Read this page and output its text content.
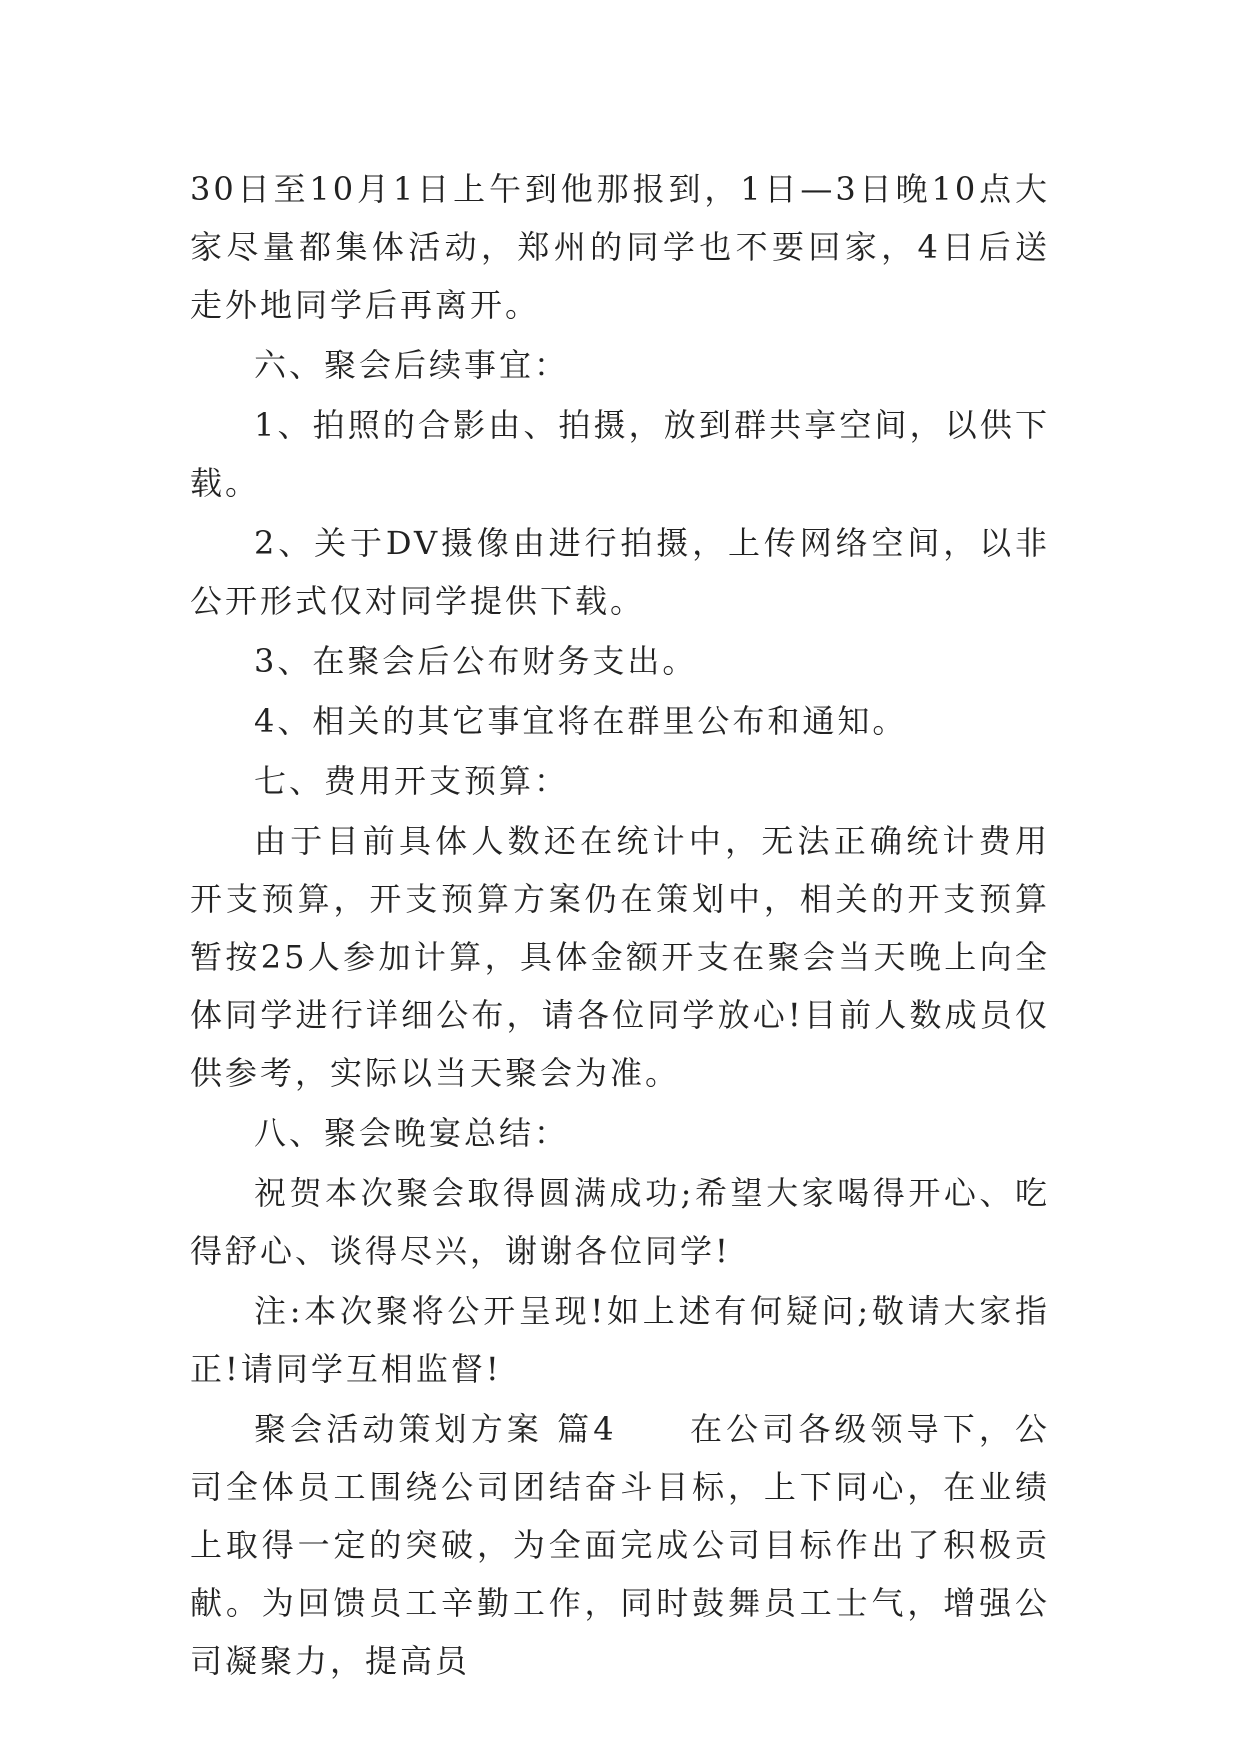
30日至10月1日上午到他那报到，1日—3日晚10点大家尽量都集体活动，郑州的同学也不要回家，4日后送走外地同学后再离开。

六、聚会后续事宜：

1、拍照的合影由、拍摄，放到群共享空间，以供下载。

2、关于DV摄像由进行拍摄，上传网络空间，以非公开形式仅对同学提供下载。

3、在聚会后公布财务支出。

4、相关的其它事宜将在群里公布和通知。

七、费用开支预算：

由于目前具体人数还在统计中，无法正确统计费用开支预算，开支预算方案仍在策划中，相关的开支预算暂按25人参加计算，具体金额开支在聚会当天晚上向全体同学进行详细公布，请各位同学放心!目前人数成员仅供参考，实际以当天聚会为准。

八、聚会晚宴总结：

祝贺本次聚会取得圆满成功;希望大家喝得开心、吃得舒心、谈得尽兴，谢谢各位同学!

注:本次聚将公开呈现!如上述有何疑问;敬请大家指正!请同学互相监督!

聚会活动策划方案 篇4　　在公司各级领导下，公司全体员工围绕公司团结奋斗目标，上下同心，在业绩上取得一定的突破，为全面完成公司目标作出了积极贡献。为回馈员工辛勤工作，同时鼓舞员工士气，增强公司凝聚力，提高员
